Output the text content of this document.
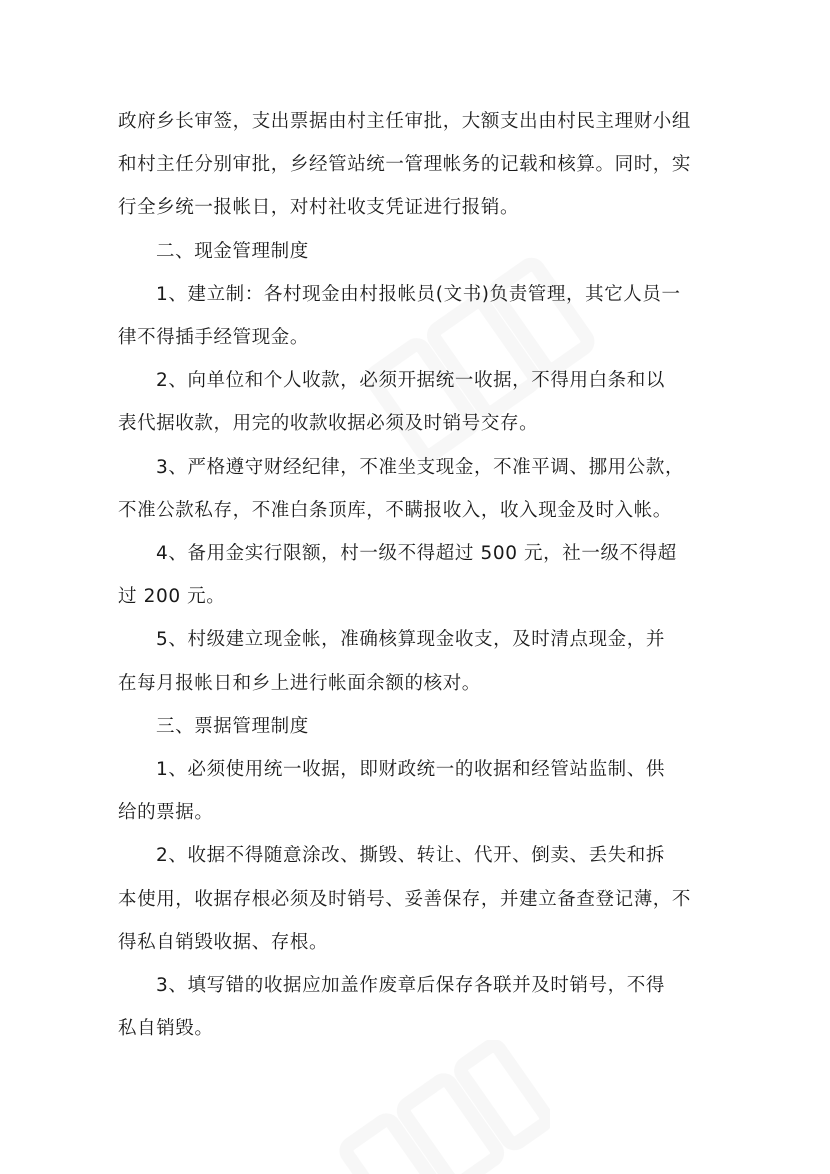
政府乡长审签，支出票据由村主任审批，大额支出由村民主理财小组
和村主任分别审批，乡经管站统一管理帐务的记载和核算。同时，实
行全乡统一报帐日，对村社收支凭证进行报销。

二、现金管理制度

1、建立制：各村现金由村报帐员(文书)负责管理，其它人员一
律不得插手经管现金。

2、向单位和个人收款，必须开据统一收据，不得用白条和以
表代据收款，用完的收款收据必须及时销号交存。

3、严格遵守财经纪律，不准坐支现金，不准平调、挪用公款，
不准公款私存，不准白条顶库，不瞒报收入，收入现金及时入帐。

4、备用金实行限额，村一级不得超过 500 元，社一级不得超
过 200 元。

5、村级建立现金帐，准确核算现金收支，及时清点现金，并
在每月报帐日和乡上进行帐面余额的核对。

三、票据管理制度

1、必须使用统一收据，即财政统一的收据和经管站监制、供
给的票据。

2、收据不得随意涂改、撕毁、转让、代开、倒卖、丢失和拆
本使用，收据存根必须及时销号、妥善保存，并建立备查登记薄，不
得私自销毁收据、存根。

3、填写错的收据应加盖作废章后保存各联并及时销号，不得
私自销毁。
